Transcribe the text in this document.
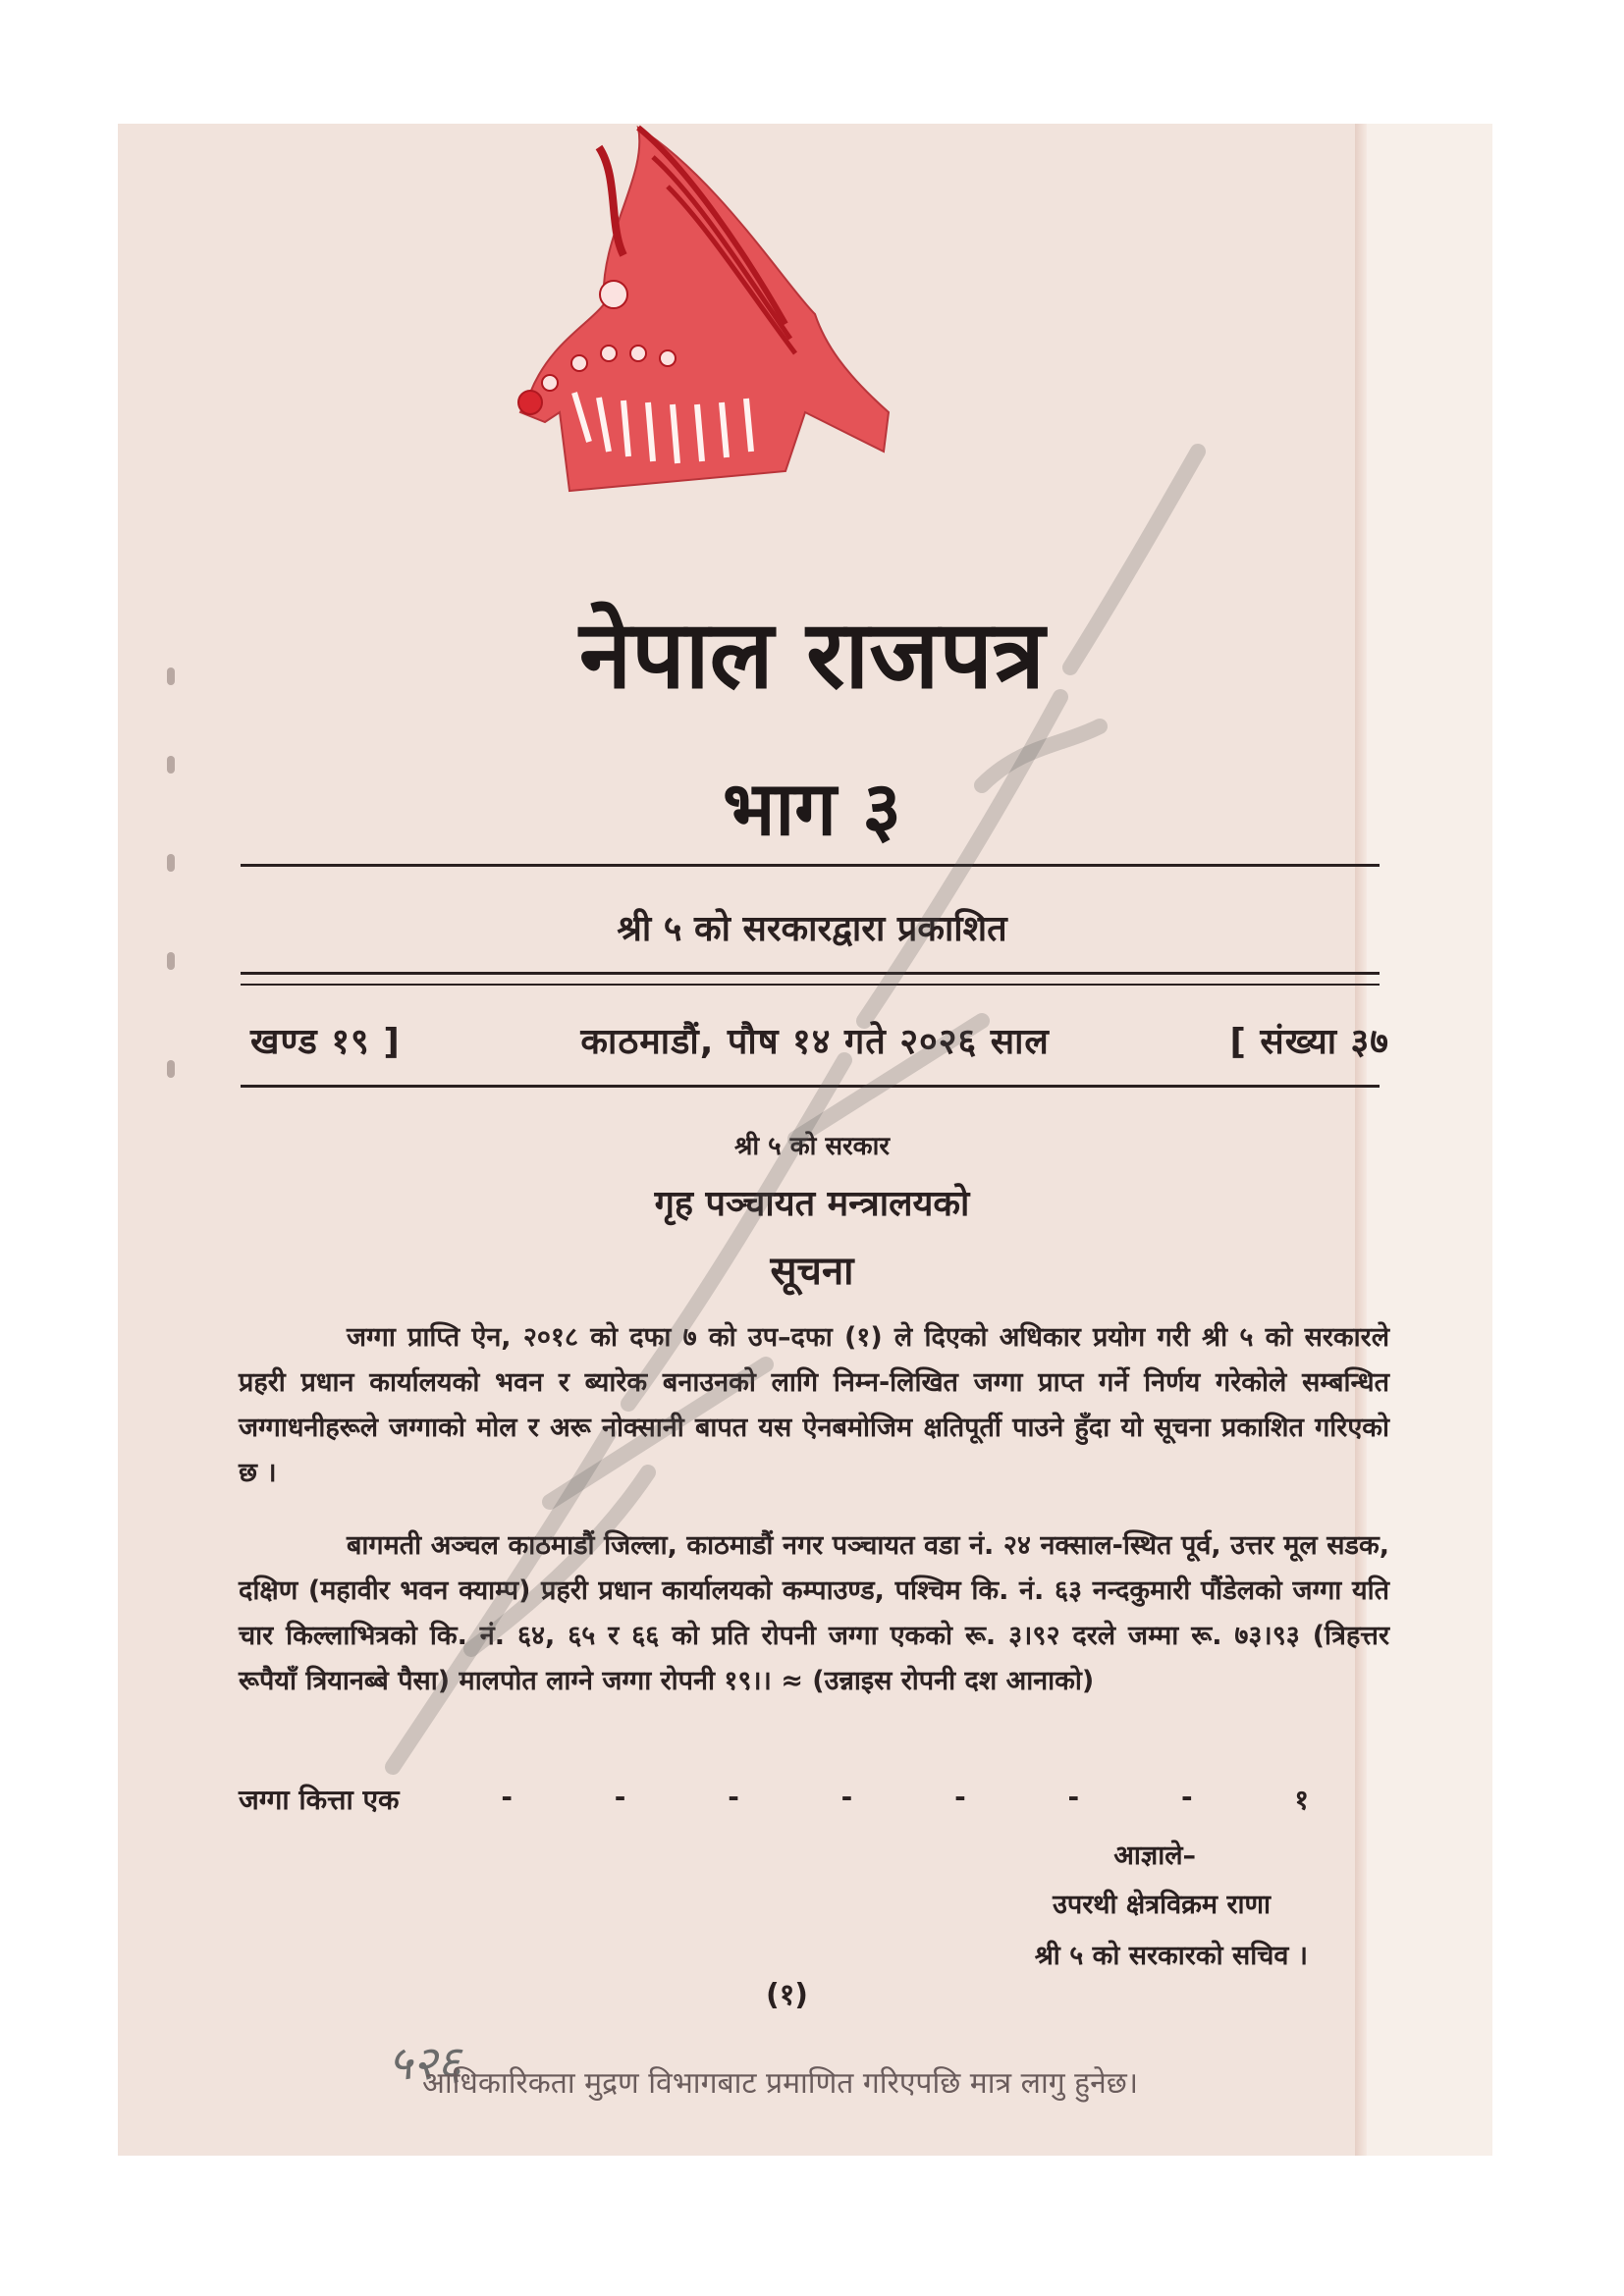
नेपाल राजपत्र
भाग ३
श्री ५ को सरकारद्वारा प्रकाशित
खण्ड १९ ]	काठमाडौं, पौष १४ गते २०२६ साल	[ संख्या ३७
श्री ५ को सरकार
गृह पञ्चायत मन्त्रालयको
सूचना
जग्गा प्राप्ति ऐन, २०१८ को दफा ७ को उप–दफा (१) ले दिएको अधिकार प्रयोग गरी श्री ५ को सरकारले प्रहरी प्रधान कार्यालयको भवन र ब्यारेक बनाउनको लागि निम्न-लिखित जग्गा प्राप्त गर्ने निर्णय गरेकोले सम्बन्धित जग्गाधनीहरूले जग्गाको मोल र अरू नोक्सानी बापत यस ऐनबमोजिम क्षतिपूर्ती पाउने हुँदा यो सूचना प्रकाशित गरिएको छ ।
बागमती अञ्चल काठमाडौं जिल्ला, काठमाडौं नगर पञ्चायत वडा नं. २४ नक्साल-स्थित पूर्व, उत्तर मूल सडक, दक्षिण (महावीर भवन क्याम्प) प्रहरी प्रधान कार्यालयको कम्पाउण्ड, पश्चिम कि. नं. ६३ नन्दकुमारी पौंडेलको जग्गा यति चार किल्लाभित्रको कि. नं. ६४, ६५ र ६६ को प्रति रोपनी जग्गा एकको रू. ३।९२ दरले जम्मा रू. ७३।९३ (त्रिहत्तर रूपैयाँ त्रियानब्बे पैसा) मालपोत लाग्ने जग्गा रोपनी १९।। ≈ (उन्नाइस रोपनी दश आनाको)
जग्गा कित्ता एक	-	-	-	-	-	-	-	१
आज्ञाले–
उपरथी क्षेत्रविक्रम राणा
श्री ५ को सरकारको सचिव ।
(१)
५२६
आधिकारिकता मुद्रण विभागबाट प्रमाणित गरिएपछि मात्र लागु हुनेछ।
